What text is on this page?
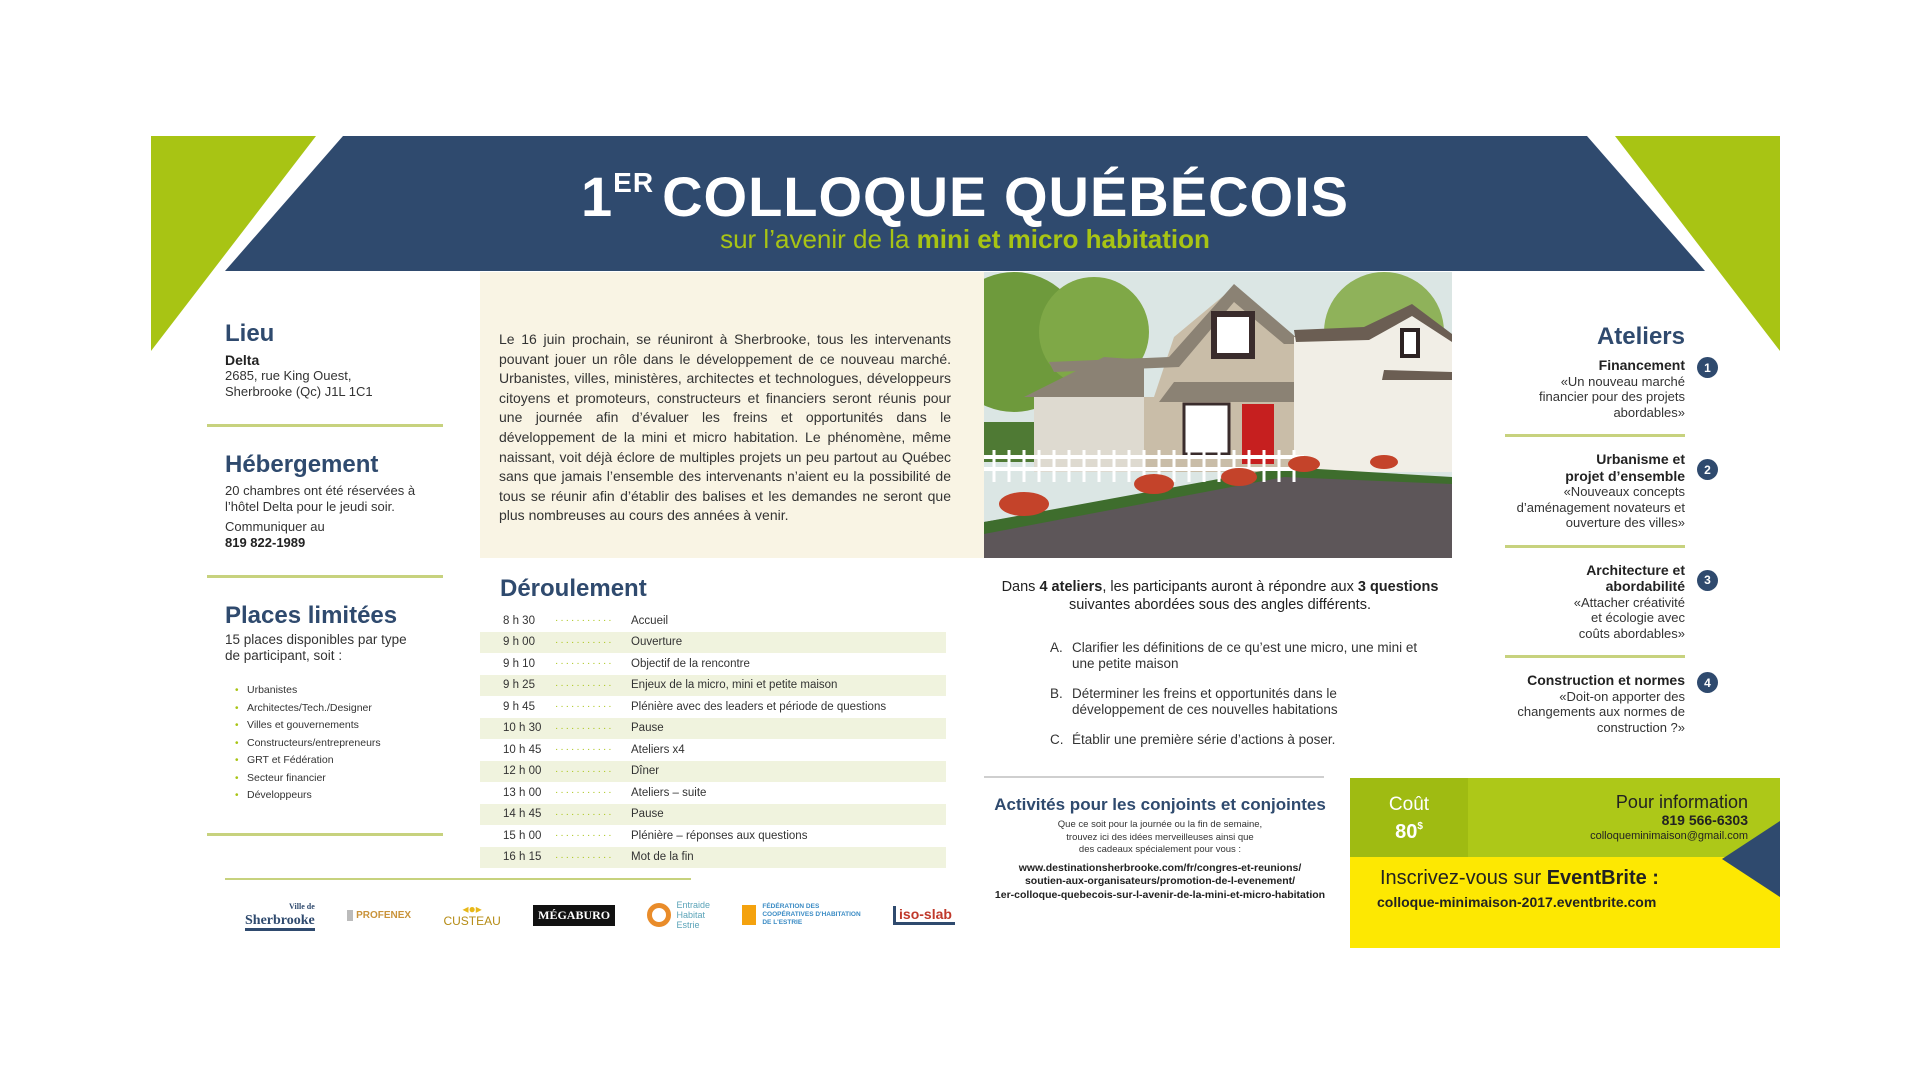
1ER COLLOQUE QUÉBÉCOIS
sur l’avenir de la mini et micro habitation
Lieu
Delta
2685, rue King Ouest,
Sherbrooke (Qc) J1L 1C1
Hébergement
20 chambres ont été réservées à l’hôtel Delta pour le jeudi soir.
Communiquer au
819 822-1989
Places limitées
15 places disponibles par type de participant, soit :
• Urbanistes
• Architectes/Tech./Designer
• Villes et gouvernements
• Constructeurs/entrepreneurs
• GRT et Fédération
• Secteur financier
• Développeurs

Le 16 juin prochain, se réuniront à Sherbrooke, tous les intervenants pouvant jouer un rôle dans le développement de ce nouveau marché. Urbanistes, villes, ministères, architectes et technologues, développeurs citoyens et promoteurs, constructeurs et financiers seront réunis pour une journée afin d’évaluer les freins et opportunités dans le développement de la mini et micro habitation. Le phénomène, même naissant, voit déjà éclore de multiples projets un peu partout au Québec sans que jamais l’ensemble des intervenants n’aient eu la possibilité de tous se réunir afin d’établir des balises et les demandes ne seront que plus nombreuses au cours des années à venir.

Déroulement
8 h 30	···········	Accueil
9 h 00	···········	Ouverture
9 h 10	···········	Objectif de la rencontre
9 h 25	···········	Enjeux de la micro, mini et petite maison
9 h 45	···········	Plénière avec des leaders et période de questions
10 h 30	···········	Pause
10 h 45	···········	Ateliers x4
12 h 00	···········	Dîner
13 h 00	···········	Ateliers – suite
14 h 45	···········	Pause
15 h 00	···········	Plénière – réponses aux questions
16 h 15	···········	Mot de la fin
Dans 4 ateliers, les participants auront à répondre aux 3 questions suivantes abordées sous des angles différents.
A. Clarifier les définitions de ce qu’est une micro, une mini et une petite maison
B. Déterminer les freins et opportunités dans le développement de ces nouvelles habitations
C. Établir une première série d’actions à poser.
Activités pour les conjoints et conjointes
Que ce soit pour la journée ou la fin de semaine,
trouvez ici des idées merveilleuses ainsi que
des cadeaux spécialement pour vous :
www.destinationsherbrooke.com/fr/congres-et-reunions/
soutien-aux-organisateurs/promotion-de-l-evenement/
1er-colloque-quebecois-sur-l-avenir-de-la-mini-et-micro-habitation
Ateliers
1
Financement
«Un nouveau marché financier pour des projets abordables»
2
Urbanisme et projet d’ensemble
«Nouveaux concepts d’aménagement novateurs et ouverture des villes»
3
Architecture et abordabilité
«Attacher créativité et écologie avec coûts abordables»
4
Construction et normes
«Doit-on apporter des changements aux normes de construction ?»
Coût
80$
Pour information
819 566-6303
colloqueminimaison@gmail.com
Inscrivez-vous sur EventBrite :
colloque-minimaison-2017.eventbrite.com
Ville de
Sherbrooke	PROFENEX	◂●▸
CUSTEAU	MÉGABURO
Entraide
Habitat
Estrie
FÉDÉRATION DES
COOPÉRATIVES D'HABITATION
DE L'ESTRIE
iso -slab
